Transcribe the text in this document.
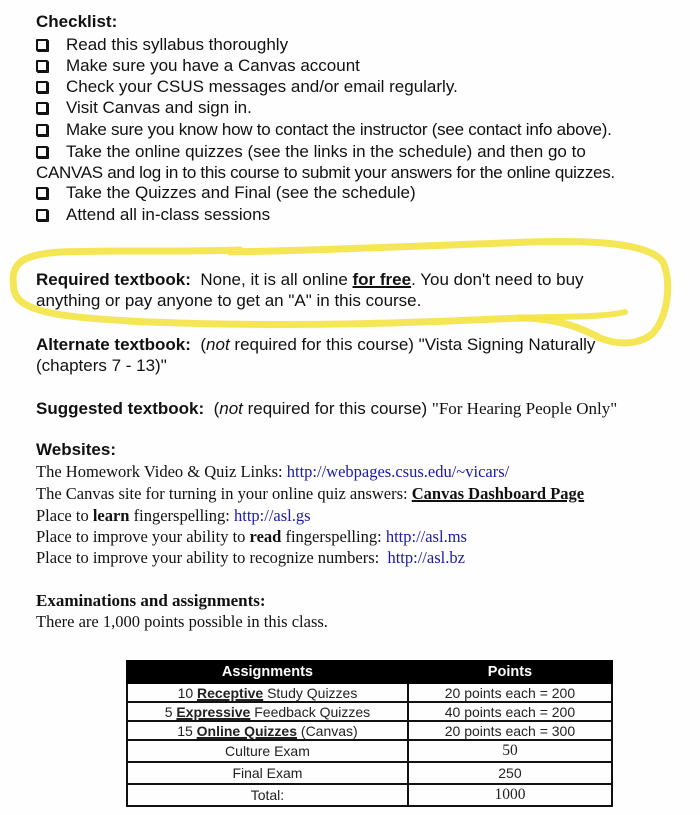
Checklist:
Read this syllabus thoroughly
Make sure you have a Canvas account
Check your CSUS messages and/or email regularly.
Visit Canvas and sign in.
Make sure you know how to contact the instructor (see contact info above).
Take the online quizzes (see the links in the schedule) and then go to
CANVAS and log in to this course to submit your answers for the online quizzes.
Take the Quizzes and Final (see the schedule)
Attend all in-class sessions
Required textbook: None, it is all online for free. You don't need to buy
anything or pay anyone to get an "A" in this course.
Alternate textbook: (not required for this course) "Vista Signing Naturally
(chapters 7 - 13)"
Suggested textbook: (not required for this course) "For Hearing People Only"
Websites:
The Homework Video & Quiz Links: http://webpages.csus.edu/~vicars/
The Canvas site for turning in your online quiz answers: Canvas Dashboard Page
Place to learn fingerspelling: http://asl.gs
Place to improve your ability to read fingerspelling: http://asl.ms
Place to improve your ability to recognize numbers:  http://asl.bz
Examinations and assignments:
There are 1,000 points possible in this class.
Assignments	Points
10 Receptive Study Quizzes	20 points each = 200
5 Expressive Feedback Quizzes	40 points each = 200
15 Online Quizzes (Canvas)	20 points each = 300
Culture Exam	50
Final Exam	250
Total:	1000
